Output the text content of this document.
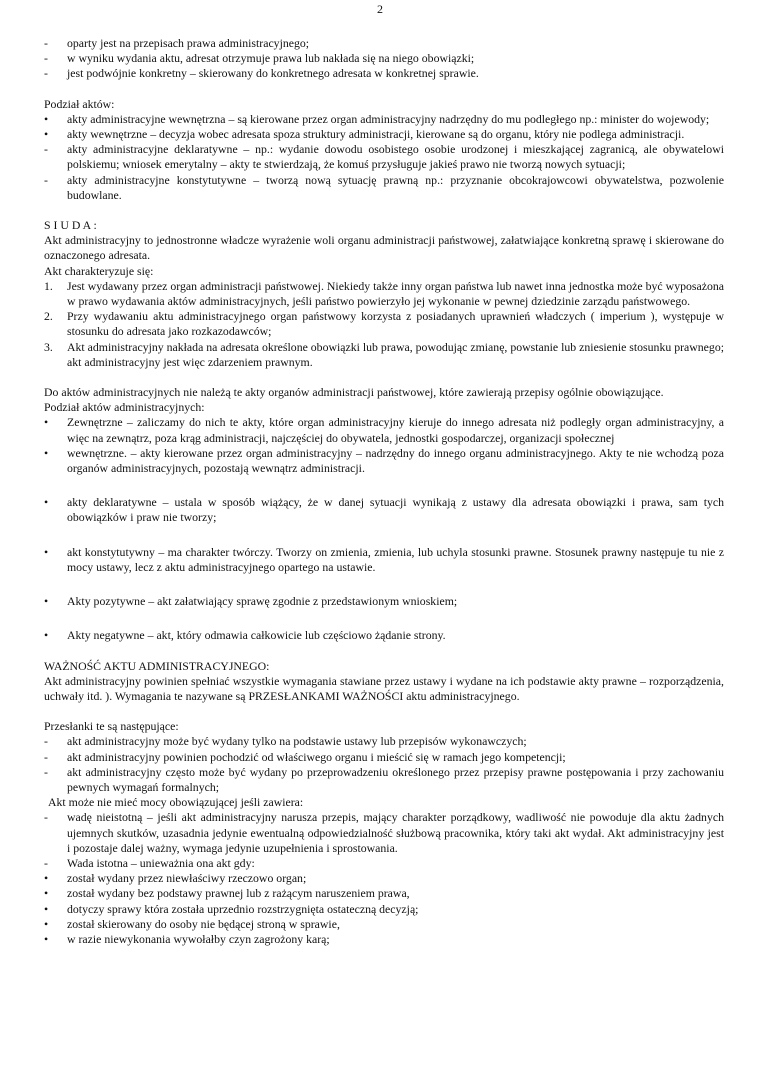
2
-	oparty jest na przepisach prawa administracyjnego;
-	w wyniku wydania aktu, adresat otrzymuje prawa lub nakłada się na niego obowiązki;
-	jest podwójnie konkretny – skierowany do konkretnego adresata w konkretnej sprawie.

Podział aktów:

•	akty administracyjne wewnętrzna – są kierowane przez organ administracyjny nadrzędny do mu podległego np.: minister do wojewody;
•	akty wewnętrzne – decyzja wobec adresata spoza struktury administracji, kierowane są do organu, który nie podlega administracji.
-	akty administracyjne deklaratywne – np.: wydanie dowodu osobistego osobie urodzonej i mieszkającej zagranicą, ale obywatelowi polskiemu; wniosek emerytalny – akty te stwierdzają, że komuś przysługuje jakieś prawo nie tworzą nowych sytuacji;
-	akty administracyjne konstytutywne – tworzą nową sytuację prawną np.: przyznanie obcokrajowcowi obywatelstwa, pozwolenie budowlane.

S I U D A :

Akt administracyjny to jednostronne władcze wyrażenie woli organu administracji państwowej, załatwiające konkretną sprawę i skierowane do oznaczonego adresata.

Akt charakteryzuje się:

1.	Jest wydawany przez organ administracji państwowej. Niekiedy także inny organ państwa lub nawet inna jednostka może być wyposażona w prawo wydawania aktów administracyjnych, jeśli państwo powierzyło jej wykonanie w pewnej dziedzinie zarządu państwowego.
2.	Przy wydawaniu aktu administracyjnego organ państwowy korzysta z posiadanych uprawnień władczych ( imperium ), występuje w stosunku do adresata jako rozkazodawców;
3.	Akt administracyjny nakłada na adresata określone obowiązki lub prawa, powodując zmianę, powstanie lub zniesienie stosunku prawnego; akt administracyjny jest więc zdarzeniem prawnym.

Do aktów administracyjnych nie należą te akty organów administracji państwowej, które zawierają przepisy ogólnie obowiązujące.

Podział aktów administracyjnych:

•	Zewnętrzne – zaliczamy do nich te akty, które organ administracyjny kieruje do innego adresata niż podległy organ administracyjny, a więc na zewnątrz, poza krąg administracji, najczęściej do obywatela, jednostki gospodarczej, organizacji społecznej
•	wewnętrzne. – akty kierowane przez organ administracyjny – nadrzędny do innego organu administracyjnego. Akty te nie wchodzą poza organów administracyjnych, pozostają wewnątrz administracji.
•	akty deklaratywne – ustala w sposób wiążący, że w danej sytuacji wynikają z ustawy dla adresata obowiązki i prawa, sam tych obowiązków i praw nie tworzy;
•	akt konstytutywny – ma charakter twórczy. Tworzy on zmienia, zmienia, lub uchyla stosunki prawne. Stosunek prawny następuje tu nie z mocy ustawy, lecz z aktu administracyjnego opartego na ustawie.
•	Akty pozytywne – akt załatwiający sprawę zgodnie z przedstawionym wnioskiem;
•	Akty negatywne – akt, który odmawia całkowicie lub częściowo żądanie strony.

WAŻNOŚĆ AKTU ADMINISTRACYJNEGO:

Akt administracyjny powinien spełniać wszystkie wymagania stawiane przez ustawy i wydane na ich podstawie akty prawne – rozporządzenia, uchwały itd. ). Wymagania te nazywane są PRZESŁANKAMI WAŻNOŚCI aktu administracyjnego.

Przesłanki te są następujące:

-	akt administracyjny może być wydany tylko na podstawie ustawy lub przepisów wykonawczych;
-	akt administracyjny powinien pochodzić od właściwego organu i mieścić się w ramach jego kompetencji;
-	akt administracyjny często może być wydany po przeprowadzeniu określonego przez przepisy prawne postępowania i przy zachowaniu pewnych wymagań formalnych;

Akt może nie mieć mocy obowiązującej jeśli zawiera:

-	wadę nieistotną – jeśli akt administracyjny narusza przepis, mający charakter porządkowy, wadliwość nie powoduje dla aktu żadnych ujemnych skutków, uzasadnia jedynie ewentualną odpowiedzialność służbową pracownika, który taki akt wydał. Akt administracyjny jest i pozostaje dalej ważny, wymaga jedynie uzupełnienia i sprostowania.
-	Wada istotna – unieważnia ona akt gdy:
•	został wydany przez niewłaściwy rzeczowo organ;
•	został wydany bez podstawy prawnej lub z rażącym naruszeniem prawa,
•	dotyczy sprawy która została uprzednio rozstrzygnięta ostateczną decyzją;
•	został skierowany do osoby nie będącej stroną w sprawie,
•	w razie niewykonania wywołałby czyn zagrożony karą;
